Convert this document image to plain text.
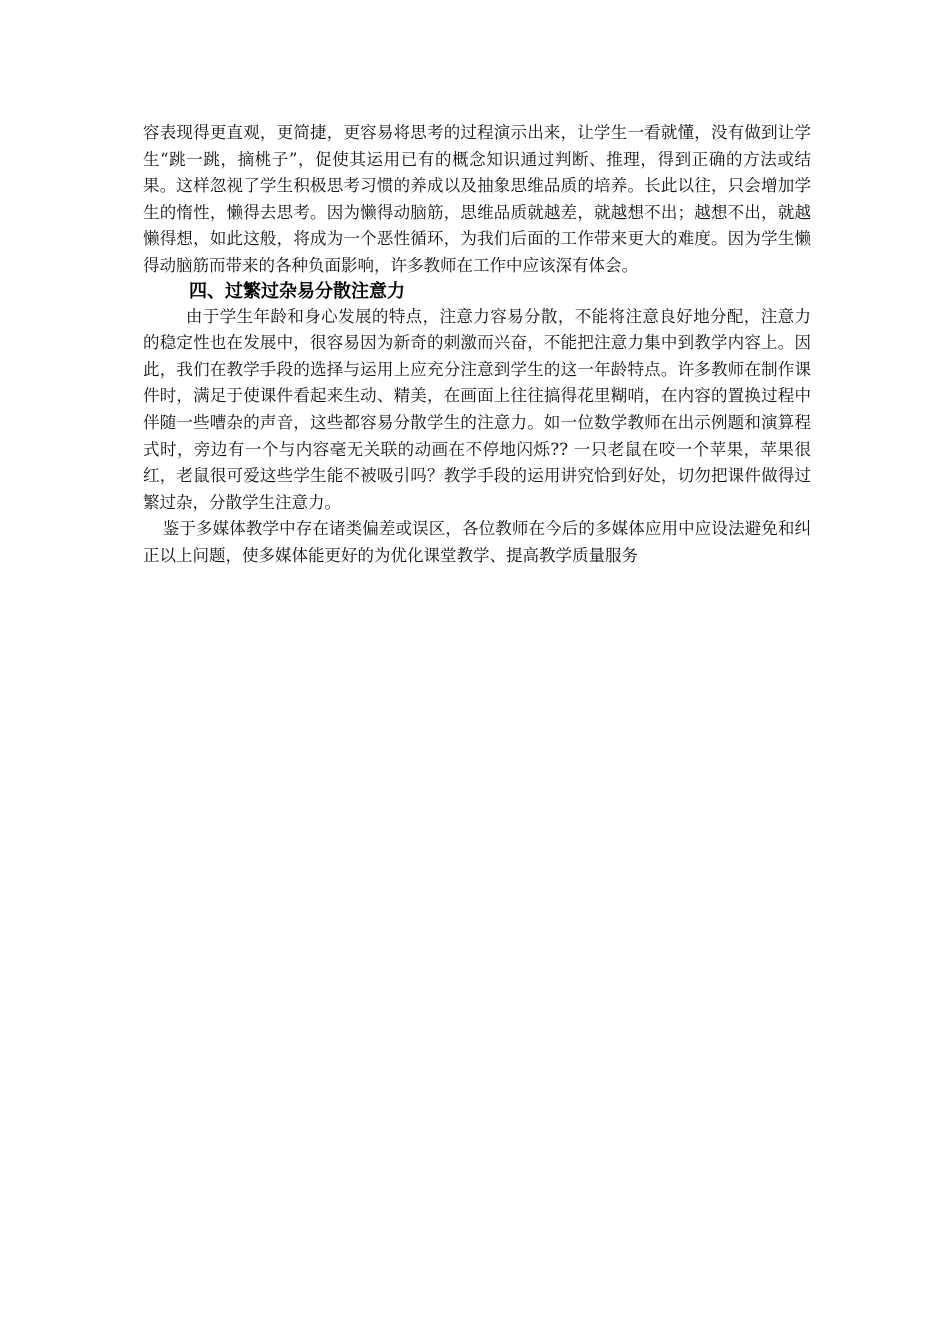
容表现得更直观，更简捷，更容易将思考的过程演示出来，让学生一看就懂，没有做到让学生“跳一跳，摘桃子”，促使其运用已有的概念知识通过判断、推理，得到正确的方法或结果。这样忽视了学生积极思考习惯的养成以及抽象思维品质的培养。长此以往，只会增加学生的惰性，懒得去思考。因为懒得动脑筋，思维品质就越差，就越想不出；越想不出，就越懒得想，如此这般，将成为一个恶性循环，为我们后面的工作带来更大的难度。因为学生懒得动脑筋而带来的各种负面影响，许多教师在工作中应该深有体会。

四、过繁过杂易分散注意力

由于学生年龄和身心发展的特点，注意力容易分散，不能将注意良好地分配，注意力的稳定性也在发展中，很容易因为新奇的刺激而兴奋，不能把注意力集中到教学内容上。因此，我们在教学手段的选择与运用上应充分注意到学生的这一年龄特点。许多教师在制作课件时，满足于使课件看起来生动、精美，在画面上往往搞得花里糊哨，在内容的置换过程中伴随一些嘈杂的声音，这些都容易分散学生的注意力。如一位数学教师在出示例题和演算程式时，旁边有一个与内容毫无关联的动画在不停地闪烁?? 一只老鼠在咬一个苹果，苹果很红，老鼠很可爱这些学生能不被吸引吗？教学手段的运用讲究恰到好处，切勿把课件做得过繁过杂，分散学生注意力。

鉴于多媒体教学中存在诸类偏差或误区，各位教师在今后的多媒体应用中应设法避免和纠正以上问题，使多媒体能更好的为优化课堂教学、提高教学质量服务
